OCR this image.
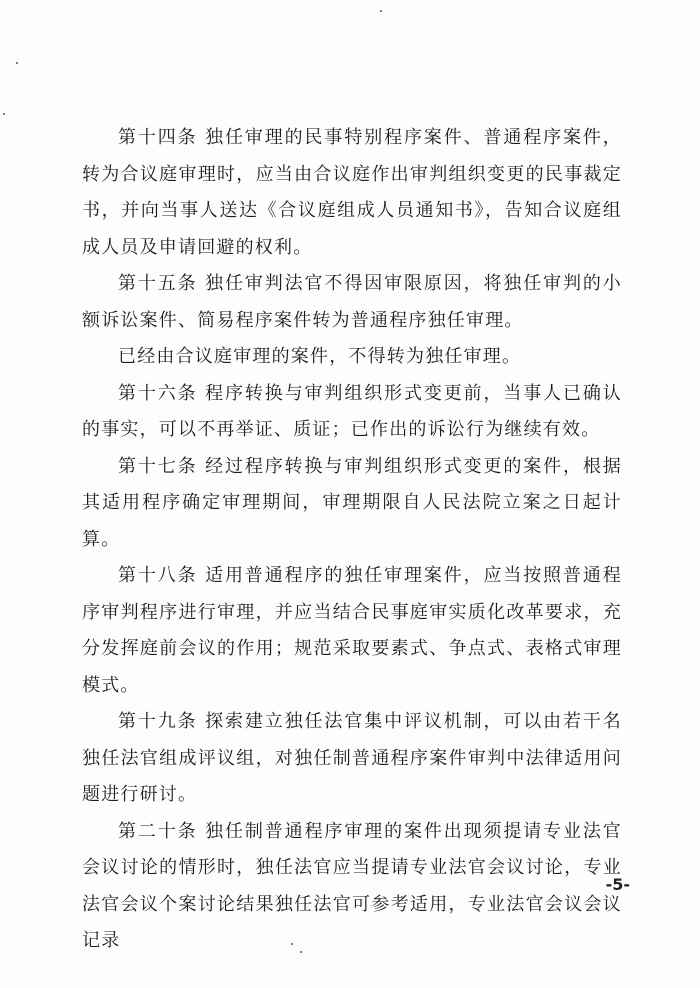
第十四条 独任审理的民事特别程序案件、普通程序案件，转为合议庭审理时，应当由合议庭作出审判组织变更的民事裁定书，并向当事人送达《合议庭组成人员通知书》，告知合议庭组成人员及申请回避的权利。

第十五条 独任审判法官不得因审限原因，将独任审判的小额诉讼案件、简易程序案件转为普通程序独任审理。

已经由合议庭审理的案件，不得转为独任审理。

第十六条 程序转换与审判组织形式变更前，当事人已确认的事实，可以不再举证、质证；已作出的诉讼行为继续有效。

第十七条 经过程序转换与审判组织形式变更的案件，根据其适用程序确定审理期间，审理期限自人民法院立案之日起计算。

第十八条 适用普通程序的独任审理案件，应当按照普通程序审判程序进行审理，并应当结合民事庭审实质化改革要求，充分发挥庭前会议的作用；规范采取要素式、争点式、表格式审理模式。

第十九条 探索建立独任法官集中评议机制，可以由若干名独任法官组成评议组，对独任制普通程序案件审判中法律适用问题进行研讨。

第二十条 独任制普通程序审理的案件出现须提请专业法官会议讨论的情形时，独任法官应当提请专业法官会议讨论，专业法官会议个案讨论结果独任法官可参考适用，专业法官会议会议记录

-5-
